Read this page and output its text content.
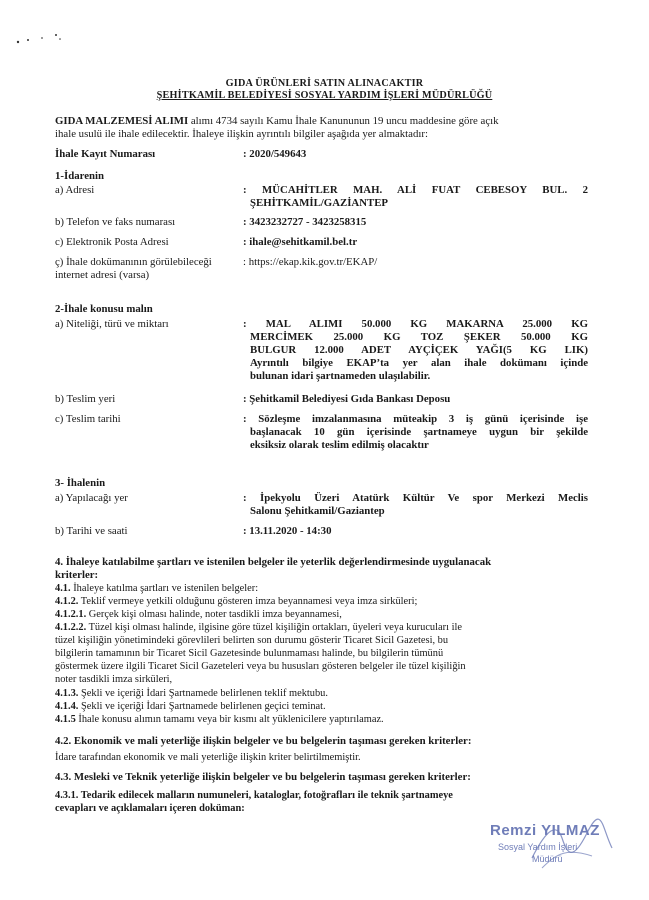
GIDA ÜRÜNLERİ SATIN ALINACAKTIR
ŞEHİTKAMİL BELEDİYESİ SOSYAL YARDIM İŞLERİ MÜDÜRLÜĞÜ
GIDA MALZEMESİ ALIMI alımı 4734 sayılı Kamu İhale Kanununun 19 uncu maddesine göre açık
ihale usulü ile ihale edilecektir. İhaleye ilişkin ayrıntılı bilgiler aşağıda yer almaktadır:
İhale Kayıt Numarası	: 2020/549643
1-İdarenin
a) Adresi	: MÜCAHİTLER MAH. ALİ FUAT CEBESOY BUL. 2
ŞEHİTKAMİL/GAZİANTEP
b) Telefon ve faks numarası	: 3423232727 - 3423258315
c) Elektronik Posta Adresi	: ihale@sehitkamil.bel.tr
ç) İhale dokümanının görülebileceği
internet adresi (varsa)
: https://ekap.kik.gov.tr/EKAP/
2-İhale konusu malın
a) Niteliği, türü ve miktarı	: MAL ALIMI 50.000 KG MAKARNA 25.000 KG
MERCİMEK 25.000 KG TOZ ŞEKER 50.000 KG
BULGUR 12.000 ADET AYÇİÇEK YAĞI(5 KG LIK)
Ayrıntılı bilgiye EKAP’ta yer alan ihale dokümanı içinde
bulunan idari şartnameden ulaşılabilir.
b) Teslim yeri	: Şehitkamil Belediyesi Gıda Bankası Deposu
c) Teslim tarihi	: Sözleşme imzalanmasına müteakip 3 iş günü içerisinde işe
başlanacak 10 gün içerisinde şartnameye uygun bir şekilde
eksiksiz olarak teslim edilmiş olacaktır
3- İhalenin
a) Yapılacağı yer	: İpekyolu Üzeri Atatürk Kültür Ve spor Merkezi Meclis
Salonu Şehitkamil/Gaziantep
b) Tarihi ve saati	: 13.11.2020 - 14:30
4. İhaleye katılabilme şartları ve istenilen belgeler ile yeterlik değerlendirmesinde uygulanacak
kriterler:
4.1. İhaleye katılma şartları ve istenilen belgeler:
4.1.2. Teklif vermeye yetkili olduğunu gösteren imza beyannamesi veya imza sirküleri;
4.1.2.1. Gerçek kişi olması halinde, noter tasdikli imza beyannamesi,
4.1.2.2. Tüzel kişi olması halinde, ilgisine göre tüzel kişiliğin ortakları, üyeleri veya kurucuları ile
tüzel kişiliğin yönetimindeki görevlileri belirten son durumu gösterir Ticaret Sicil Gazetesi, bu
bilgilerin tamamının bir Ticaret Sicil Gazetesinde bulunmaması halinde, bu bilgilerin tümünü
göstermek üzere ilgili Ticaret Sicil Gazeteleri veya bu hususları gösteren belgeler ile tüzel kişiliğin
noter tasdikli imza sirküleri,
4.1.3. Şekli ve içeriği İdari Şartnamede belirlenen teklif mektubu.
4.1.4. Şekli ve içeriği İdari Şartnamede belirlenen geçici teminat.
4.1.5 İhale konusu alımın tamamı veya bir kısmı alt yüklenicilere yaptırılamaz.
4.2. Ekonomik ve mali yeterliğe ilişkin belgeler ve bu belgelerin taşıması gereken kriterler:
İdare tarafından ekonomik ve mali yeterliğe ilişkin kriter belirtilmemiştir.
4.3. Mesleki ve Teknik yeterliğe ilişkin belgeler ve bu belgelerin taşıması gereken kriterler:
4.3.1. Tedarik edilecek malların numuneleri, kataloglar, fotoğrafları ile teknik şartnameye
cevapları ve açıklamaları içeren doküman:
Remzi YILMAZ
Sosyal Yardım İşleri
Müdürü
